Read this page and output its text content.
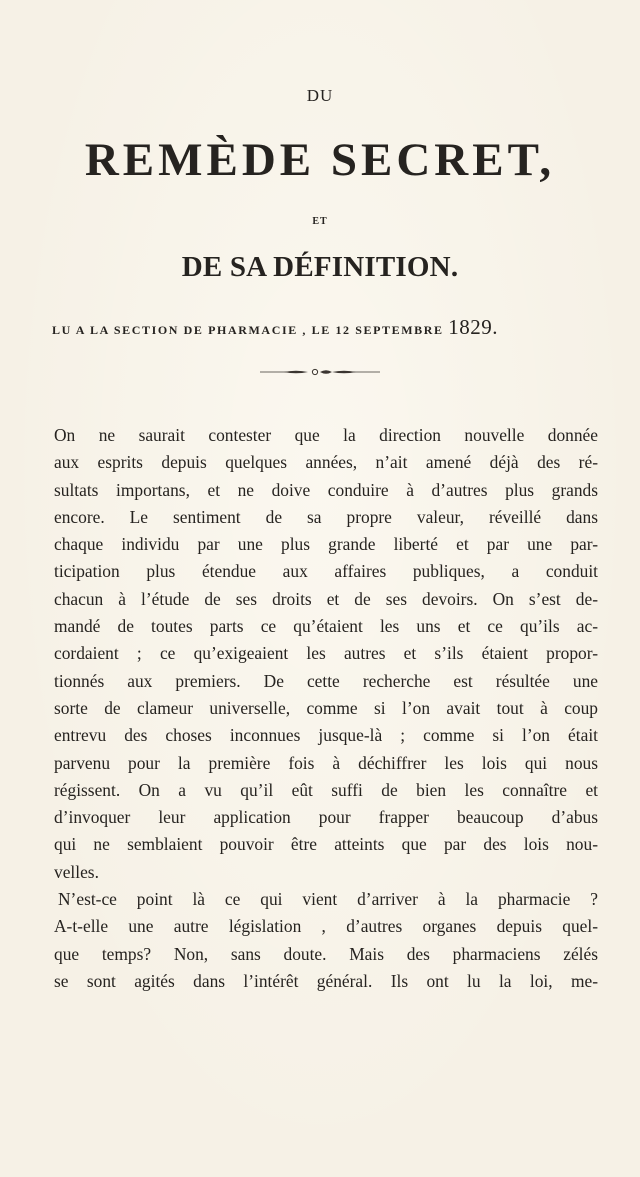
DU
REMÈDE SECRET,
ET
DE SA DÉFINITION.
LU A LA SECTION DE PHARMACIE , LE 12 SEPTEMBRE 1829.
On ne saurait contester que la direction nouvelle donnée
aux esprits depuis quelques années, n’ait amené déjà des ré-
sultats importans, et ne doive conduire à d’autres plus grands
encore. Le sentiment de sa propre valeur, réveillé dans
chaque individu par une plus grande liberté et par une par-
ticipation plus étendue aux affaires publiques, a conduit
chacun à l’étude de ses droits et de ses devoirs. On s’est de-
mandé de toutes parts ce qu’étaient les uns et ce qu’ils ac-
cordaient ; ce qu’exigeaient les autres et s’ils étaient propor-
tionnés aux premiers. De cette recherche est résultée une
sorte de clameur universelle, comme si l’on avait tout à coup
entrevu des choses inconnues jusque-là ; comme si l’on était
parvenu pour la première fois à déchiffrer les lois qui nous
régissent. On a vu qu’il eût suffi de bien les connaître et
d’invoquer leur application pour frapper beaucoup d’abus
qui ne semblaient pouvoir être atteints que par des lois nou-
velles.
N’est-ce point là ce qui vient d’arriver à la pharmacie ?
A-t-elle une autre législation , d’autres organes depuis quel-
que temps? Non, sans doute. Mais des pharmaciens zélés
se sont agités dans l’intérêt général. Ils ont lu la loi, me-
